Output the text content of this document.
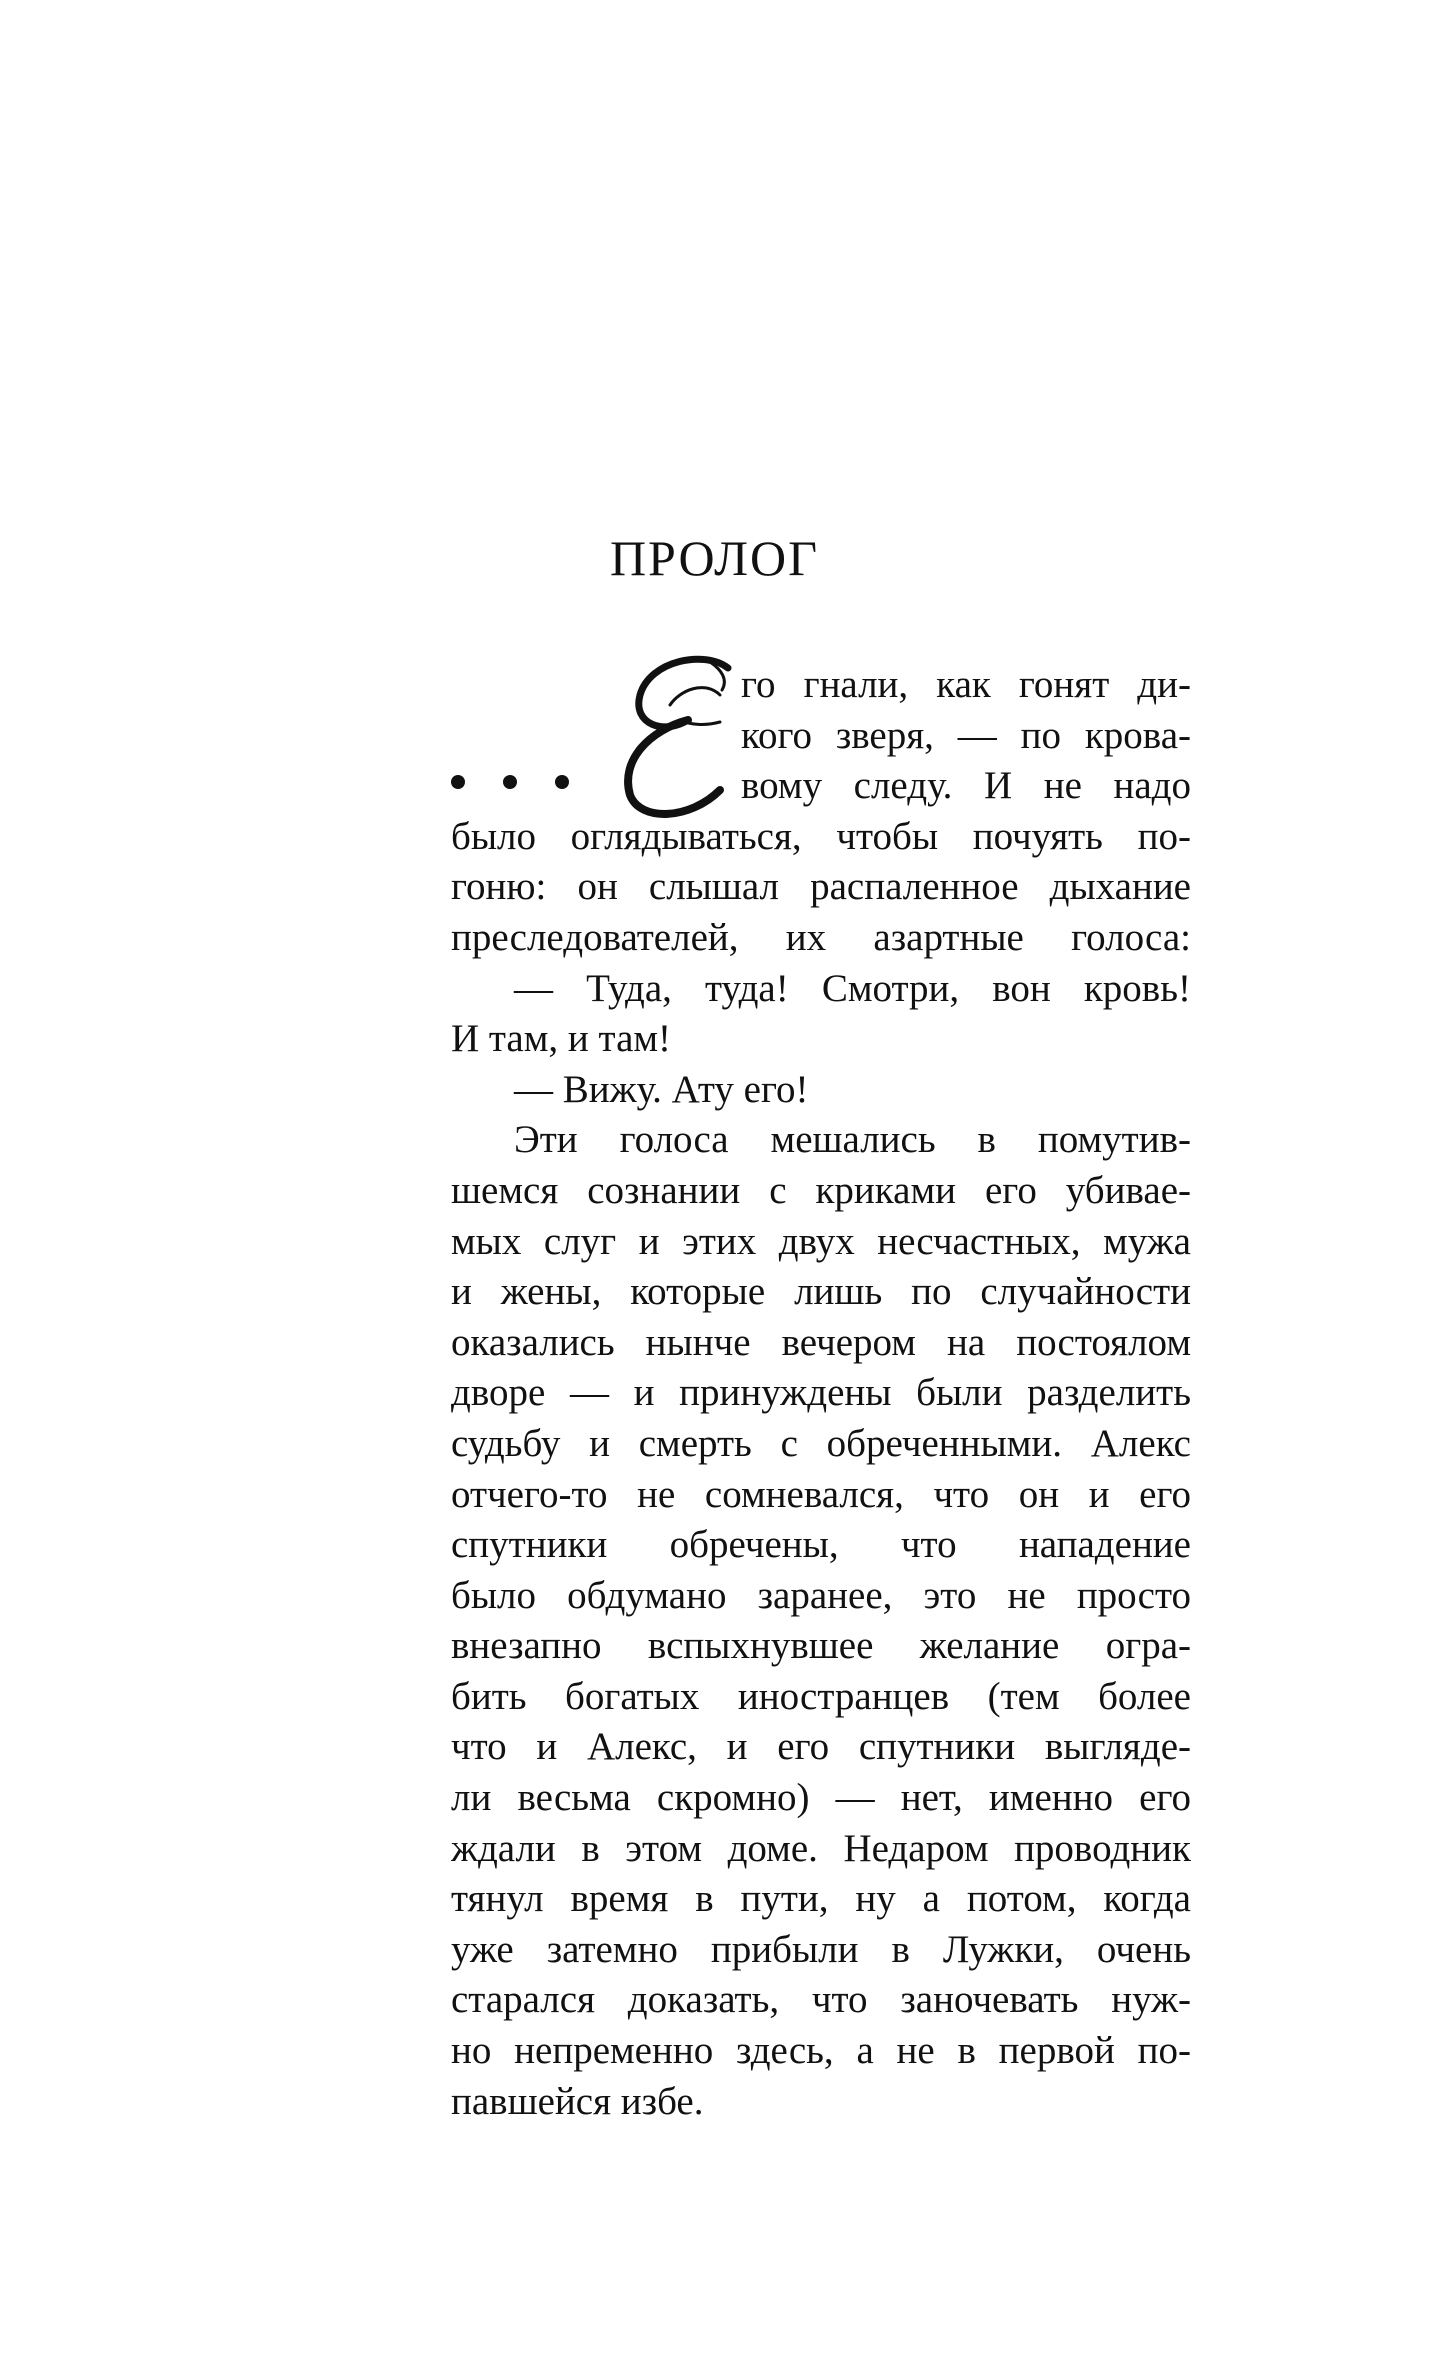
ПРОЛОГ
го гнали, как гонят ди-
кого зверя, — по крова-
вому следу. И не надо
было оглядываться, чтобы почуять по-
гоню: он слышал распаленное дыхание
преследователей, их азартные голоса:
— Туда, туда! Смотри, вон кровь!
И там, и там!
— Вижу. Ату его!
Эти голоса мешались в помутив-
шемся сознании с криками его убивае-
мых слуг и этих двух несчастных, мужа
и жены, которые лишь по случайности
оказались нынче вечером на постоялом
дворе — и принуждены были разделить
судьбу и смерть с обреченными. Алекс
отчего-то не сомневался, что он и его
спутники обречены, что нападение
было обдумано заранее, это не просто
внезапно вспыхнувшее желание огра-
бить богатых иностранцев (тем более
что и Алекс, и его спутники выгляде-
ли весьма скромно) — нет, именно его
ждали в этом доме. Недаром проводник
тянул время в пути, ну а потом, когда
уже затемно прибыли в Лужки, очень
старался доказать, что заночевать нуж-
но непременно здесь, а не в первой по-
павшейся избе.
